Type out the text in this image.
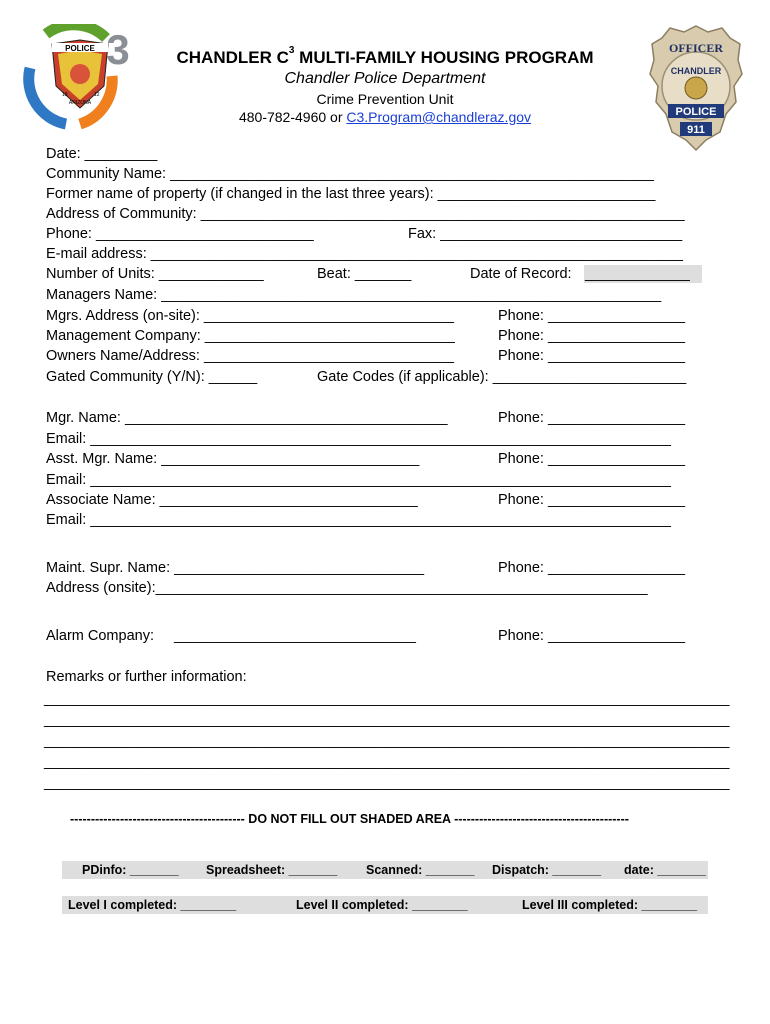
POLICE
19	12
ARIZONA
3	CHANDLER $C^3$ MULTI-FAMILY HOUSING PROGRAM
Chandler Police Department
Crime Prevention Unit
480-782-4960 or C3.Program@chandleraz.gov
OFFICER
CHANDLER
POLICE
911
Date: _________
Community Name: ____________________________________________________________
Former name of property (if changed in the last three years): ___________________________
Address of Community: ____________________________________________________________
Phone: ___________________________	Fax: ______________________________
E-mail address: __________________________________________________________________
Number of Units: _____________	Beat: _______	Date of Record: _____________
Managers Name: ______________________________________________________________
Mgrs. Address (on-site): _______________________________	Phone: _________________
Management Company: _______________________________	Phone: _________________
Owners Name/Address: _______________________________	Phone: _________________
Gated Community (Y/N): ______	Gate Codes (if applicable): ________________________
Mgr. Name: ________________________________________	Phone: _________________
Email: ________________________________________________________________________
Asst. Mgr. Name: ________________________________	Phone: _________________
Email: ________________________________________________________________________
Associate Name: ________________________________	Phone: _________________
Email: ________________________________________________________________________
Maint. Supr. Name: _______________________________	Phone: _________________
Address (onsite):_____________________________________________________________
Alarm Company: ______________________________	Phone: _________________
Remarks or further information:
_____________________________________________________________________________________
_____________________________________________________________________________________
_____________________________________________________________________________________
_____________________________________________________________________________________
_____________________________________________________________________________________
------------------------------------------ DO NOT FILL OUT SHADED AREA ------------------------------------------
PDinfo: _______ Spreadsheet: _______ Scanned: _______ Dispatch: _______ date: _______
Level I completed: ________	Level II completed: ________	Level III completed: ________
